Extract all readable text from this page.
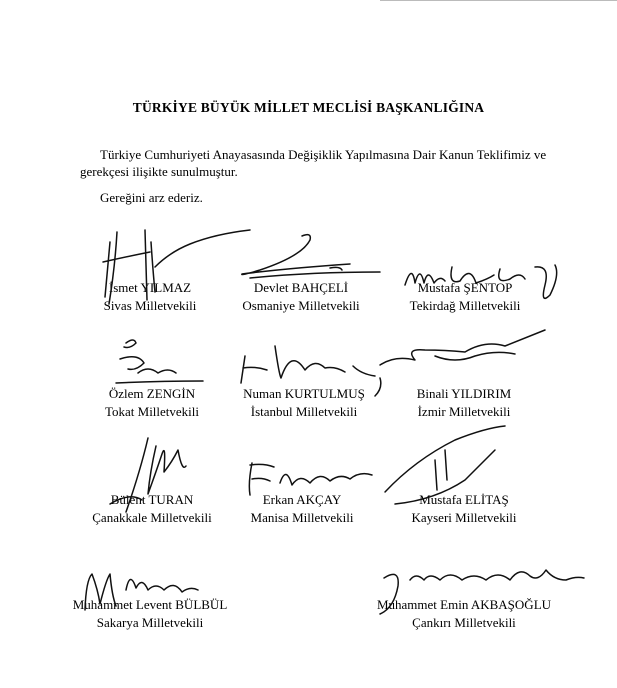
TÜRKİYE BÜYÜK MİLLET MECLİSİ BAŞKANLIĞINA
Türkiye Cumhuriyeti Anayasasında Değişiklik Yapılmasına Dair Kanun Teklifimiz ve
gerekçesi ilişikte sunulmuştur.
Gereğini arz ederiz.
İsmet YILMAZ
Sivas Milletvekili
Devlet BAHÇELİ
Osmaniye Milletvekili
Mustafa ŞENTOP
Tekirdağ Milletvekili
Özlem ZENGİN
Tokat Milletvekili
Numan KURTULMUŞ
İstanbul Milletvekili
Binali YILDIRIM
İzmir Milletvekili
Bülent TURAN
Çanakkale Milletvekili
Erkan AKÇAY
Manisa Milletvekili
Mustafa ELİTAŞ
Kayseri Milletvekili
Muhammet Levent BÜLBÜL
Sakarya Milletvekili
Muhammet Emin AKBAŞOĞLU
Çankırı Milletvekili
